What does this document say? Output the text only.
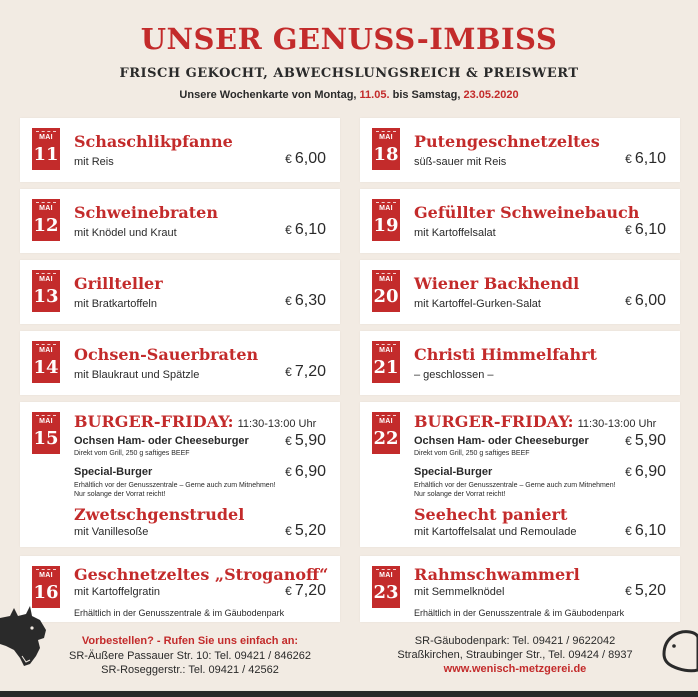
UNSER GENUSS-IMBISS
FRISCH GEKOCHT, ABWECHSLUNGSREICH & PREISWERT
Unsere Wochenkarte von Montag, 11.05. bis Samstag, 23.05.2020
MAI
11
Schaschlikpfanne
mit Reis	€ 6,00
MAI
12
Schweinebraten
mit Knödel und Kraut	€ 6,10
MAI
13
Grillteller
mit Bratkartoffeln	€ 6,30
MAI
14
Ochsen-Sauerbraten
mit Blaukraut und Spätzle	€ 7,20
MAI
15
BURGER-FRIDAY: 11:30-13:00 Uhr
Ochsen Ham- oder Cheeseburger	€ 5,90
Direkt vom Grill, 250 g saftiges BEEF
Special-Burger	€ 6,90
Erhältlich vor der Genusszentrale – Gerne auch zum Mitnehmen!
Nur solange der Vorrat reicht!
Zwetschgenstrudel
mit Vanillesoße	€ 5,20
MAI
16
Geschnetzeltes „Stroganoff“
mit Kartoffelgratin	€ 7,20
Erhältlich in der Genusszentrale & im Gäubodenpark
MAI
18
Putengeschnetzeltes
süß-sauer mit Reis	€ 6,10
MAI
19
Gefüllter Schweinebauch
mit Kartoffelsalat	€ 6,10
MAI
20
Wiener Backhendl
mit Kartoffel-Gurken-Salat	€ 6,00
MAI
21
Christi Himmelfahrt
– geschlossen –
MAI
22
BURGER-FRIDAY: 11:30-13:00 Uhr
Ochsen Ham- oder Cheeseburger	€ 5,90
Direkt vom Grill, 250 g saftiges BEEF
Special-Burger	€ 6,90
Erhältlich vor der Genusszentrale – Gerne auch zum Mitnehmen!
Nur solange der Vorrat reicht!
Seehecht paniert
mit Kartoffelsalat und Remoulade	€ 6,10
MAI
23
Rahmschwammerl
mit Semmelknödel	€ 5,20
Erhältlich in der Genusszentrale & im Gäubodenpark
Vorbestellen? - Rufen Sie uns einfach an:
SR-Äußere Passauer Str. 10: Tel. 09421 / 846262
SR-Roseggerstr.: Tel. 09421 / 42562
SR-Gäubodenpark: Tel. 09421 / 9622042
Straßkirchen, Straubinger Str., Tel. 09424 / 8937
www.wenisch-metzgerei.de
